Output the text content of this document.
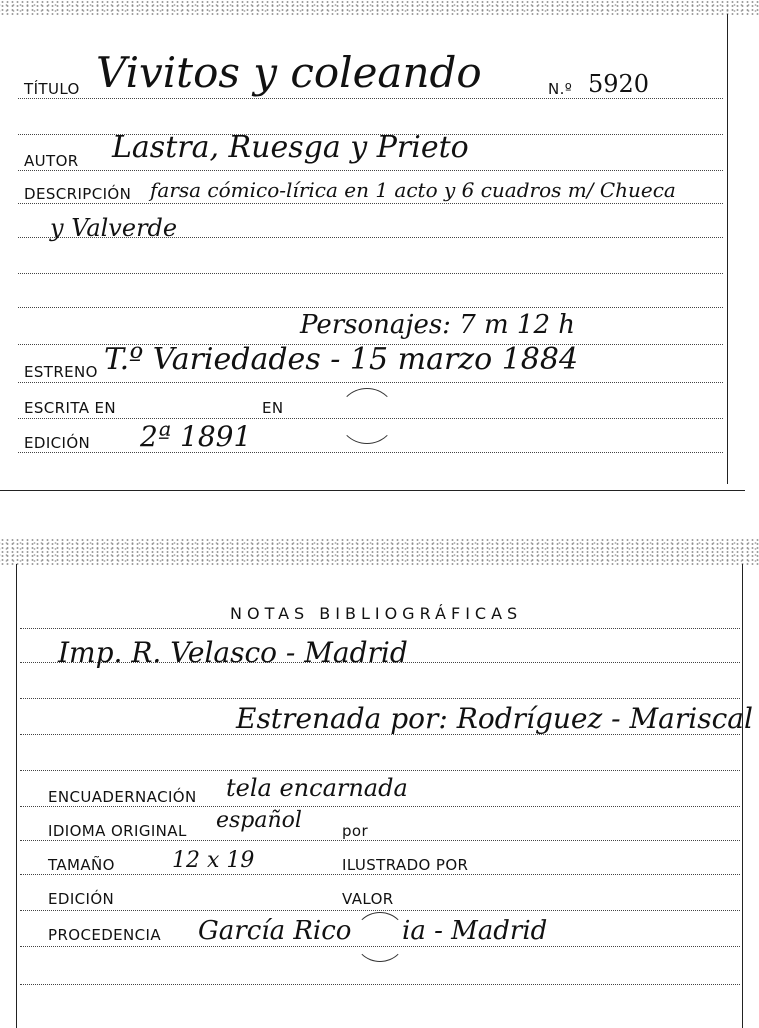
TÍTULO Vivitos y coleando	N.º 5920
AUTOR Lastra, Ruesga y Prieto
DESCRIPCIÓN farsa cómico-lírica en 1 acto y 6 cuadros m/ Chueca
y Valverde
Personajes: 7 m 12 h
ESTRENO T.º Variedades - 15 marzo 1884
ESCRITA EN	EN
EDICIÓN 2ª 1891
NOTAS BIBLIOGRÁFICAS
Imp. R. Velasco - Madrid
Estrenada por: Rodríguez - Mariscal
ENCUADERNACIÓN tela encarnada
IDIOMA ORIGINAL español	por
TAMAÑO	12 x 19	ILUSTRADO POR
EDICIÓN	VALOR
PROCEDENCIA García Rico ia - Madrid
